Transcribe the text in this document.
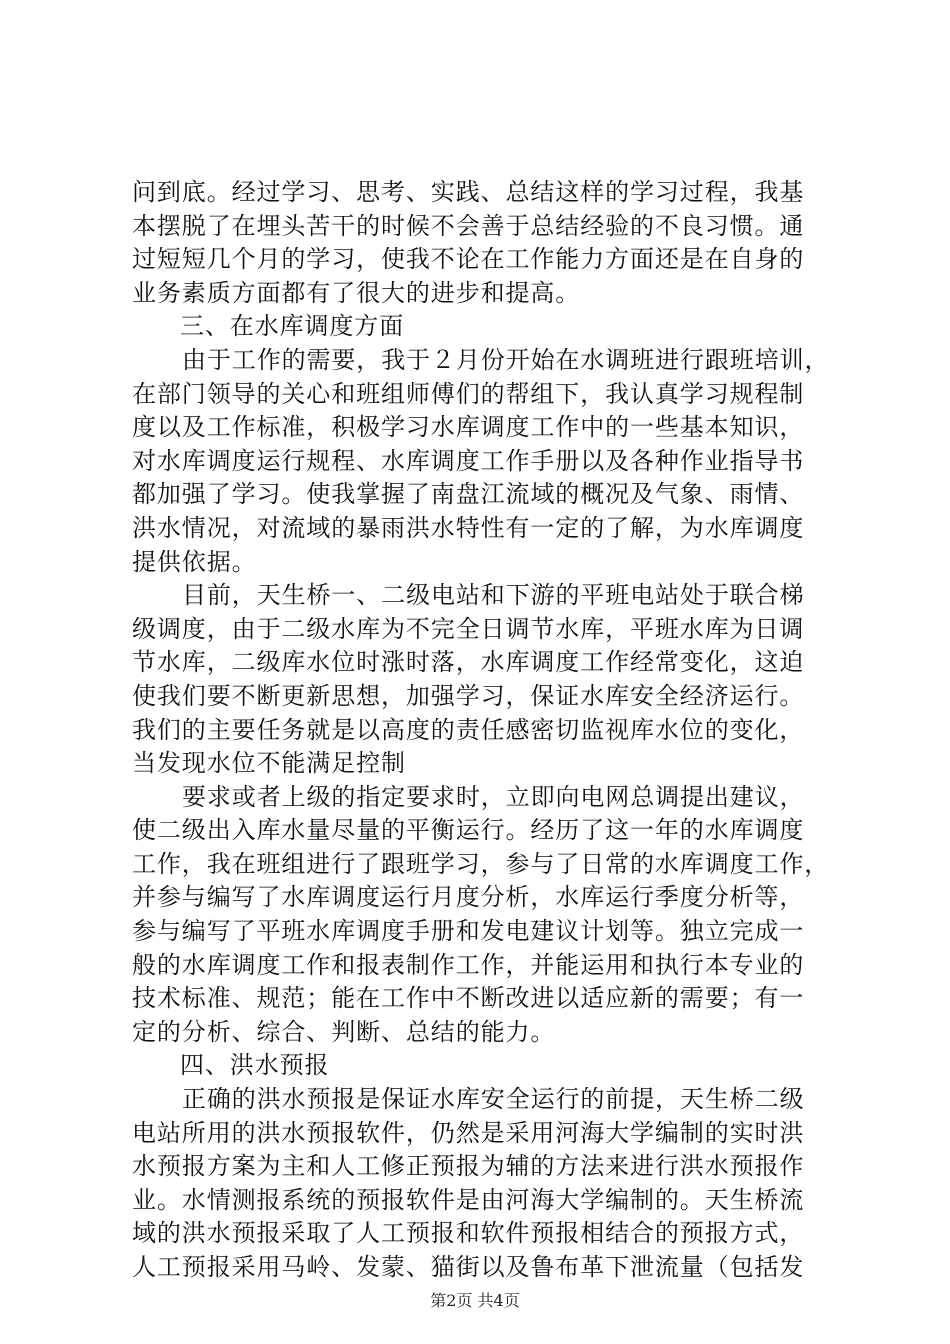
问到底。经过学习、思考、实践、总结这样的学习过程，我基
本摆脱了在埋头苦干的时候不会善于总结经验的不良习惯。通
过短短几个月的学习，使我不论在工作能力方面还是在自身的
业务素质方面都有了很大的进步和提高。
三、在水库调度方面
由于工作的需要，我于２月份开始在水调班进行跟班培训，
在部门领导的关心和班组师傅们的帮组下，我认真学习规程制
度以及工作标准，积极学习水库调度工作中的一些基本知识，
对水库调度运行规程、水库调度工作手册以及各种作业指导书
都加强了学习。使我掌握了南盘江流域的概况及气象、雨情、
洪水情况，对流域的暴雨洪水特性有一定的了解，为水库调度
提供依据。
目前，天生桥一、二级电站和下游的平班电站处于联合梯
级调度，由于二级水库为不完全日调节水库，平班水库为日调
节水库，二级库水位时涨时落，水库调度工作经常变化，这迫
使我们要不断更新思想，加强学习，保证水库安全经济运行。
我们的主要任务就是以高度的责任感密切监视库水位的变化，
当发现水位不能满足控制
要求或者上级的指定要求时，立即向电网总调提出建议，
使二级出入库水量尽量的平衡运行。经历了这一年的水库调度
工作，我在班组进行了跟班学习，参与了日常的水库调度工作，
并参与编写了水库调度运行月度分析，水库运行季度分析等，
参与编写了平班水库调度手册和发电建议计划等。独立完成一
般的水库调度工作和报表制作工作，并能运用和执行本专业的
技术标准、规范；能在工作中不断改进以适应新的需要；有一
定的分析、综合、判断、总结的能力。
四、洪水预报
正确的洪水预报是保证水库安全运行的前提，天生桥二级
电站所用的洪水预报软件，仍然是采用河海大学编制的实时洪
水预报方案为主和人工修正预报为辅的方法来进行洪水预报作
业。水情测报系统的预报软件是由河海大学编制的。天生桥流
域的洪水预报采取了人工预报和软件预报相结合的预报方式，
人工预报采用马岭、发蒙、猫街以及鲁布革下泄流量（包括发
第2页 共4页
